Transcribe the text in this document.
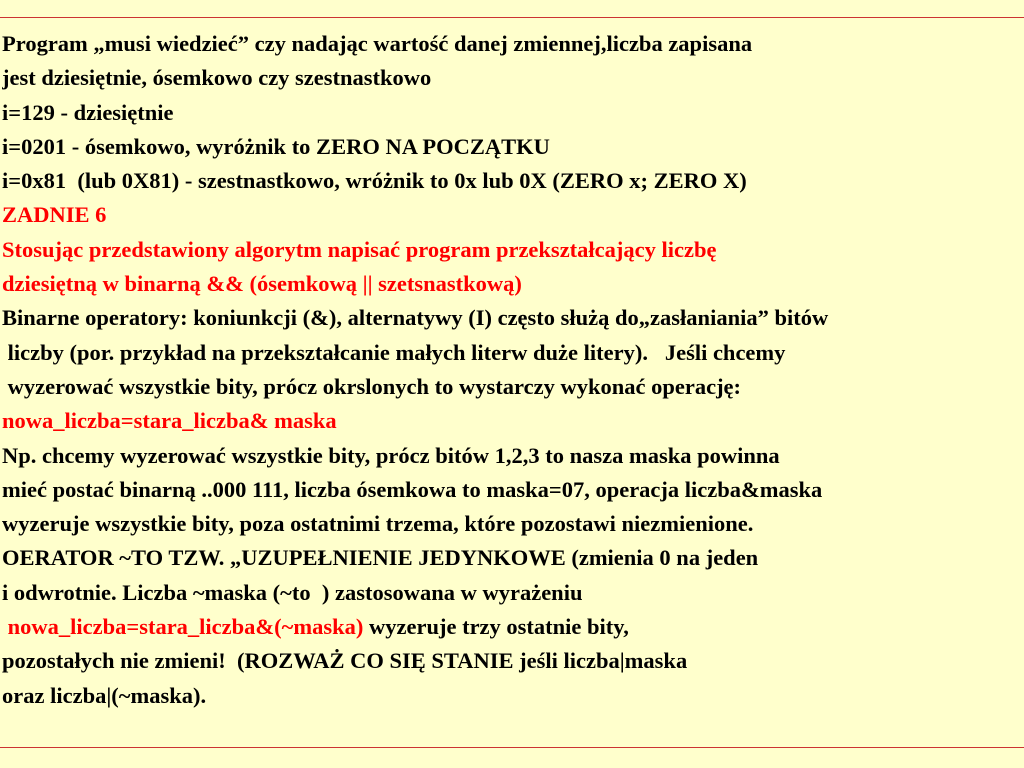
Program „musi wiedzieć” czy nadając wartość danej zmiennej,liczba zapisana
jest dziesiętnie, ósemkowo czy szestnastkowo
i=129 - dziesiętnie
i=0201 - ósemkowo, wyróżnik to ZERO NA POCZĄTKU
i=0x81  (lub 0X81) - szestnastkowo, wróżnik to 0x lub 0X (ZERO x; ZERO X)
ZADNIE 6
Stosując przedstawiony algorytm napisać program przekształcający liczbę
dziesiętną w binarną && (ósemkową || szetsnastkową)
Binarne operatory: koniunkcji (&), alternatywy (I) często służą do„zasłaniania” bitów
liczby (por. przykład na przekształcanie małych literw duże litery).   Jeśli chcemy
wyzerować wszystkie bity, prócz okrslonych to wystarczy wykonać operację:
nowa_liczba=stara_liczba& maska
Np. chcemy wyzerować wszystkie bity, prócz bitów 1,2,3 to nasza maska powinna
mieć postać binarną ..000 111, liczba ósemkowa to maska=07, operacja liczba&maska
wyzeruje wszystkie bity, poza ostatnimi trzema, które pozostawi niezmienione.
OERATOR ~TO TZW. „UZUPEŁNIENIE JEDYNKOWE (zmienia 0 na jeden
i odwrotnie. Liczba ~maska (~to  ) zastosowana w wyrażeniu
nowa_liczba=stara_liczba&(~maska) wyzeruje trzy ostatnie bity,
pozostałych nie zmieni!  (ROZWAŻ CO SIĘ STANIE jeśli liczba|maska
oraz liczba|(~maska).
